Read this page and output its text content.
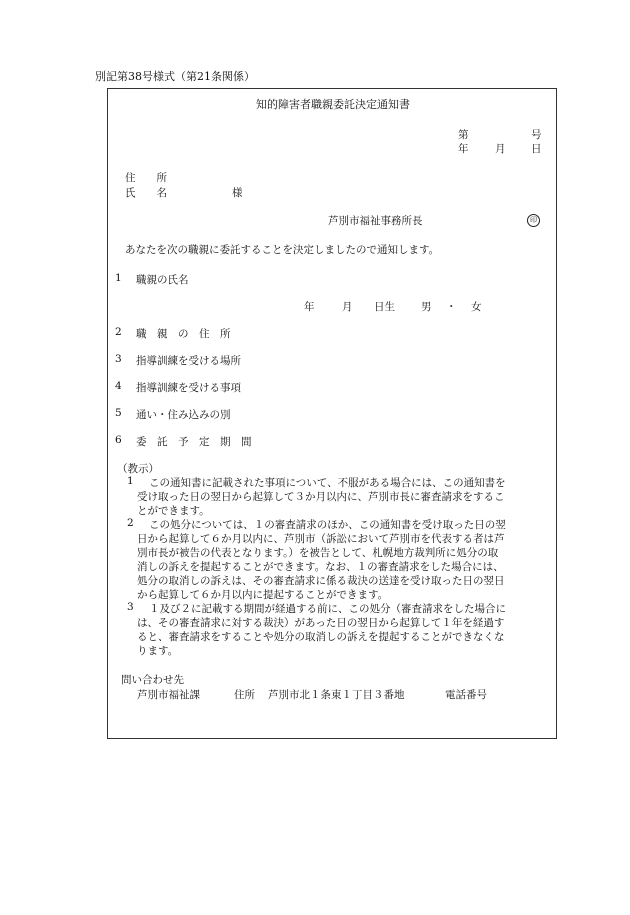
別記第38号様式（第21条関係）
知的障害者職親委託決定通知書
第	号
年	月 日
住　　所
氏　　名	様
芦別市福祉事務所長	印
あなたを次の職親に委託することを決定しましたので通知します。
1 職親の氏名
年	月 日生 男 ・ 女
2 職　親　の　住　所
3 指導訓練を受ける場所
4 指導訓練を受ける事項
5 通い・住み込みの別
6 委　託　予　定　期　間
（教示）
1 この通知書に記載された事項について、不服がある場合には、この通知書を
受け取った日の翌日から起算して３か月以内に、芦別市長に審査請求をするこ
とができます。
2 この処分については、１の審査請求のほか、この通知書を受け取った日の翌
日から起算して６か月以内に、芦別市（訴訟において芦別市を代表する者は芦
別市長が被告の代表となります。）を被告として、札幌地方裁判所に処分の取
消しの訴えを提起することができます。なお、１の審査請求をした場合には、
処分の取消しの訴えは、その審査請求に係る裁決の送達を受け取った日の翌日
から起算して６か月以内に提起することができます。
3 １及び２に記載する期間が経過する前に、この処分（審査請求をした場合に
は、その審査請求に対する裁決）があった日の翌日から起算して１年を経過す
ると、審査請求をすることや処分の取消しの訴えを提起することができなくな
ります。
問い合わせ先
芦別市福祉課	住所 芦別市北１条東１丁目３番地	電話番号
